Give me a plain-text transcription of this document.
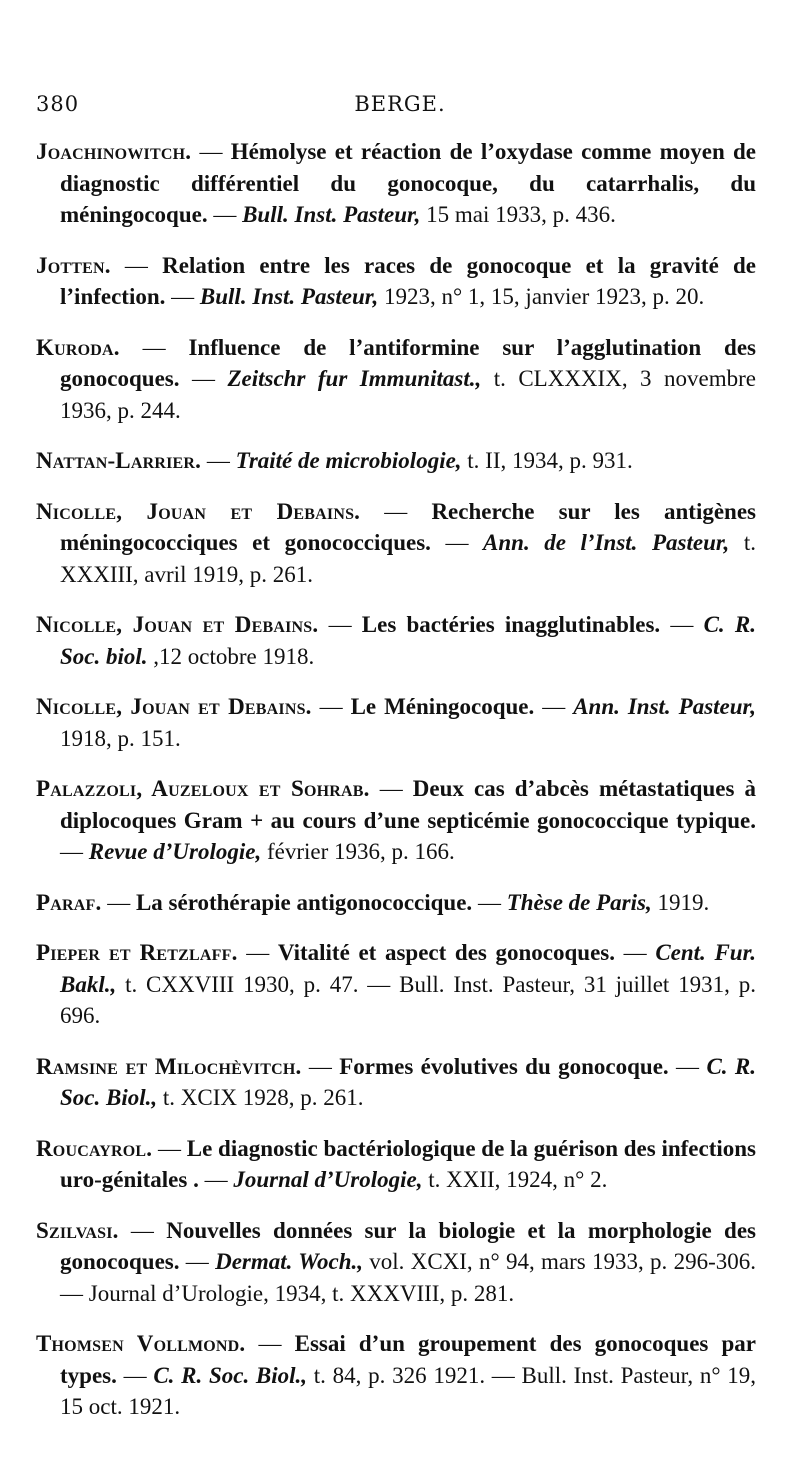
380	BERGE.

Joachinowitch. — Hémolyse et réaction de l’oxydase comme moyen de diagnostic différentiel du gonocoque, du catarrhalis, du méningocoque. — Bull. Inst. Pasteur, 15 mai 1933, p. 436.

Jotten. — Relation entre les races de gonocoque et la gravité de l’infection. — Bull. Inst. Pasteur, 1923, n° 1, 15, janvier 1923, p. 20.

Kuroda. — Influence de l’antiformine sur l’agglutination des gonocoques. — Zeitschr fur Immunitast., t. CLXXXIX, 3 novembre 1936, p. 244.

Nattan-Larrier. — Traité de microbiologie, t. II, 1934, p. 931.

Nicolle, Jouan et Debains. — Recherche sur les antigènes méningococciques et gonococciques. — Ann. de l’Inst. Pasteur, t. XXXIII, avril 1919, p. 261.

Nicolle, Jouan et Debains. — Les bactéries inagglutinables. — C. R. Soc. biol. ,12 octobre 1918.

Nicolle, Jouan et Debains. — Le Méningocoque. — Ann. Inst. Pasteur, 1918, p. 151.

Palazzoli, Auzeloux et Sohrab. — Deux cas d’abcès métastatiques à diplocoques Gram + au cours d’une septicémie gonococcique typique. — Revue d’Urologie, février 1936, p. 166.

Paraf. — La sérothérapie antigonococcique. — Thèse de Paris, 1919.

Pieper et Retzlaff. — Vitalité et aspect des gonocoques. — Cent. Fur. Bakl., t. CXXVIII 1930, p. 47. — Bull. Inst. Pasteur, 31 juillet 1931, p. 696.

Ramsine et Milochèvitch. — Formes évolutives du gonocoque. — C. R. Soc. Biol., t. XCIX 1928, p. 261.

Roucayrol. — Le diagnostic bactériologique de la guérison des infections uro-génitales . — Journal d’Urologie, t. XXII, 1924, n° 2.

Szilvasi. — Nouvelles données sur la biologie et la morphologie des gonocoques. — Dermat. Woch., vol. XCXI, n° 94, mars 1933, p. 296-306. — Journal d’Urologie, 1934, t. XXXVIII, p. 281.

Thomsen Vollmond. — Essai d’un groupement des gonocoques par types. — C. R. Soc. Biol., t. 84, p. 326 1921. — Bull. Inst. Pasteur, n° 19, 15 oct. 1921.
